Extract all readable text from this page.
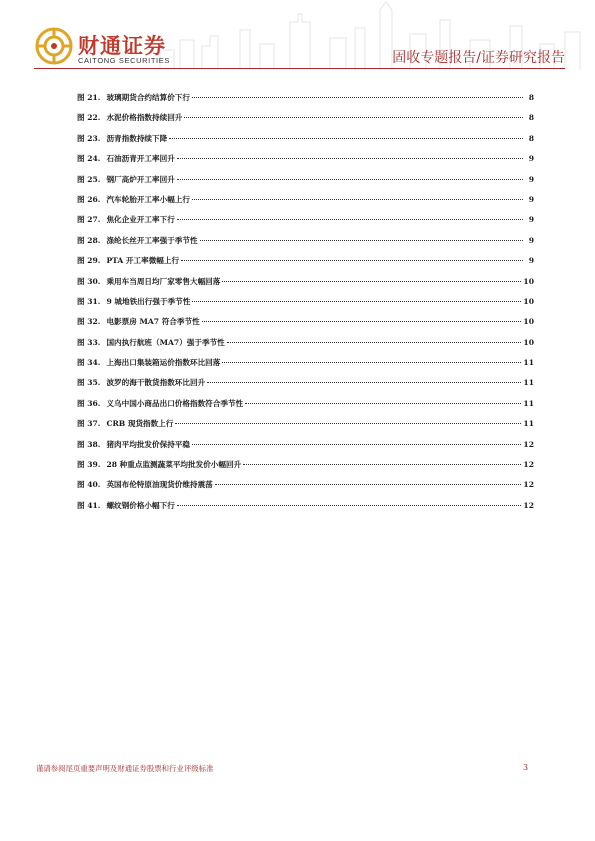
财通证券
CAITONG SECURITIES	固收专题报告/证券研究报告
图 21. 玻璃期货合约结算价下行	8
图 22. 水泥价格指数持续回升	8
图 23. 沥青指数持续下降	8
图 24. 石油沥青开工率回升	9
图 25. 钢厂高炉开工率回升	9
图 26. 汽车轮胎开工率小幅上行	9
图 27. 焦化企业开工率下行	9
图 28. 涤纶长丝开工率强于季节性	9
图 29. PTA 开工率微幅上行	9
图 30. 乘用车当周日均厂家零售大幅回落	10
图 31. 9 城地铁出行强于季节性	10
图 32. 电影票房 MA7 符合季节性	10
图 33. 国内执行航班（MA7）强于季节性	10
图 34. 上海出口集装箱运价指数环比回落	11
图 35. 波罗的海干散货指数环比回升	11
图 36. 义乌中国小商品出口价格指数符合季节性	11
图 37. CRB 现货指数上行	11
图 38. 猪肉平均批发价保持平稳	12
图 39. 28 种重点监测蔬菜平均批发价小幅回升	12
图 40. 英国布伦特原油现货价维持震荡	12
图 41. 螺纹钢价格小幅下行	12
谨请参阅尾页重要声明及财通证券股票和行业评级标准	3
